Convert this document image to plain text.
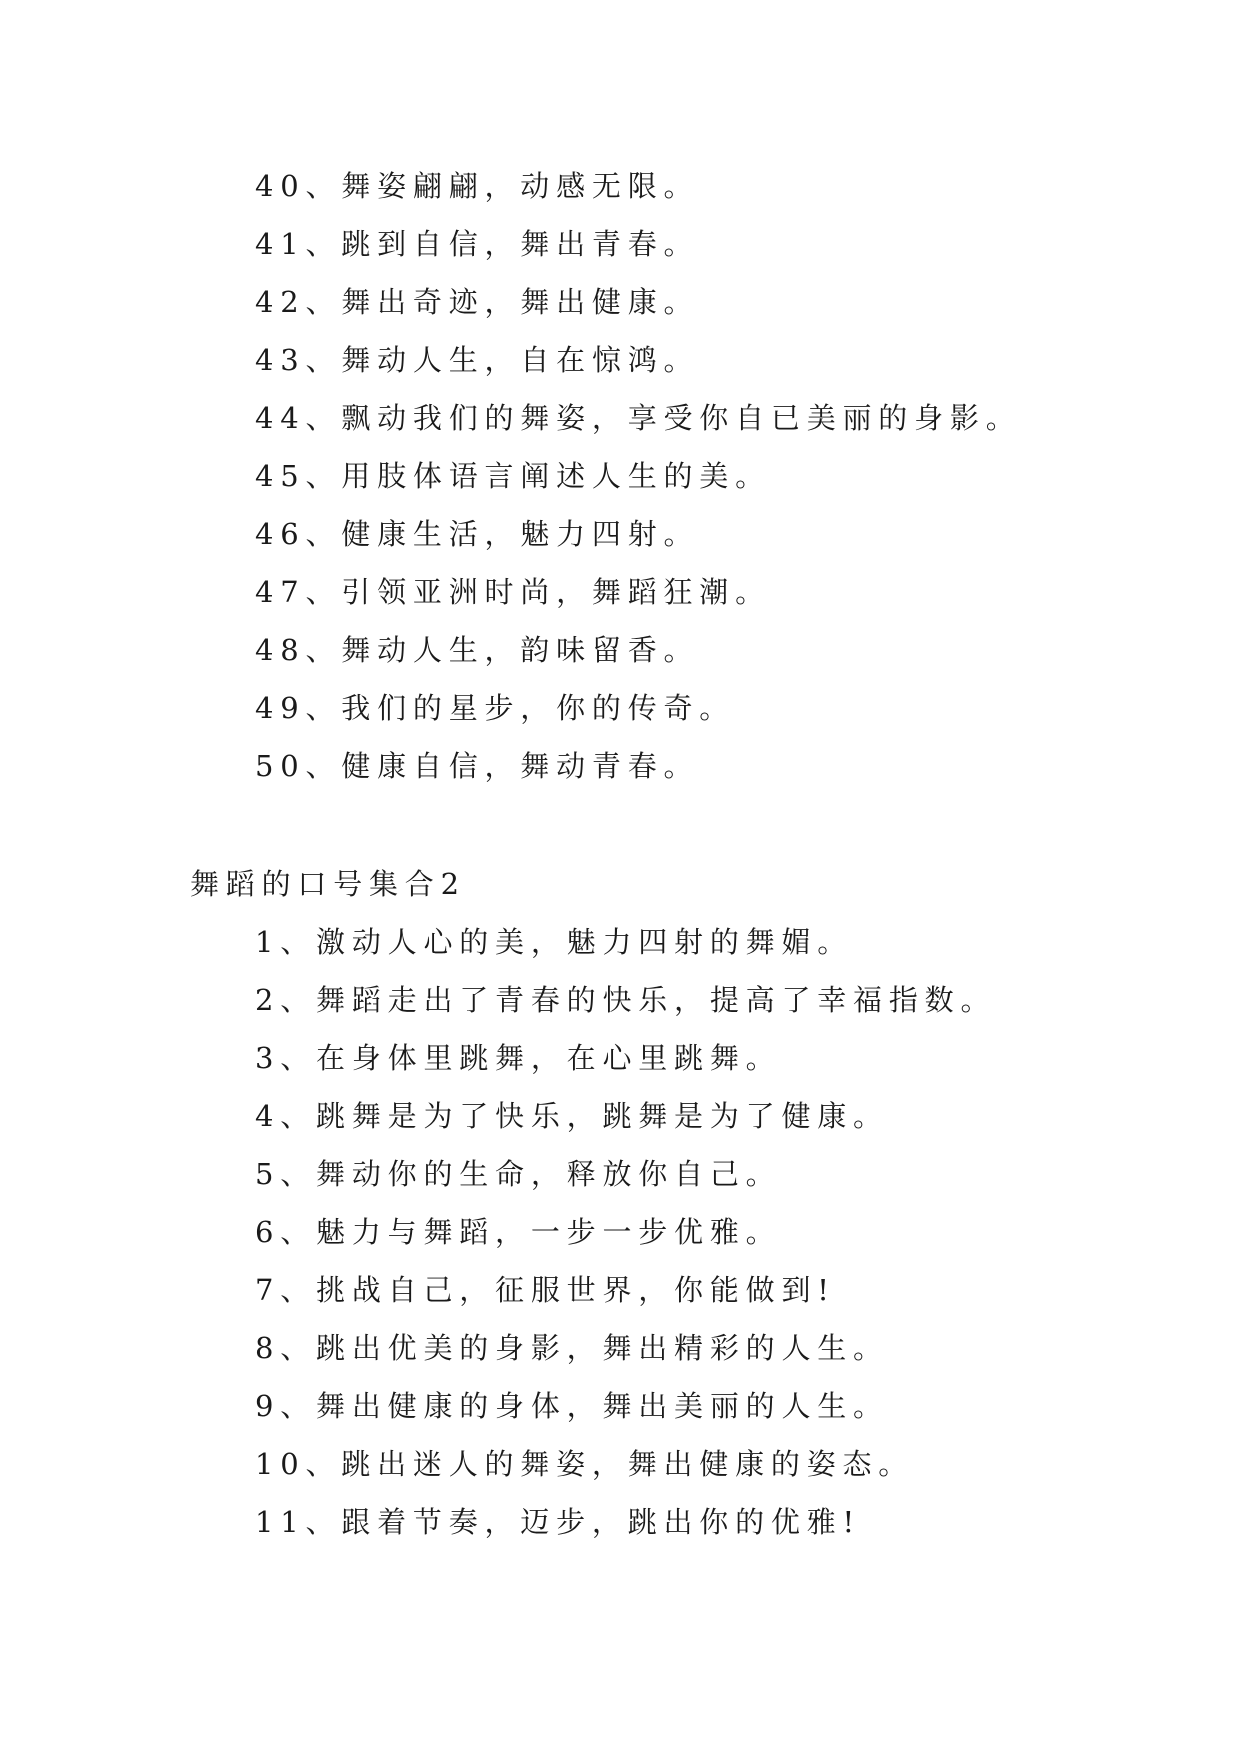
40、舞姿翩翩，动感无限。
41、跳到自信，舞出青春。
42、舞出奇迹，舞出健康。
43、舞动人生，自在惊鸿。
44、飘动我们的舞姿，享受你自已美丽的身影。
45、用肢体语言阐述人生的美。
46、健康生活，魅力四射。
47、引领亚洲时尚，舞蹈狂潮。
48、舞动人生，韵味留香。
49、我们的星步，你的传奇。
50、健康自信，舞动青春。
舞蹈的口号集合2
1、激动人心的美，魅力四射的舞媚。
2、舞蹈走出了青春的快乐，提高了幸福指数。
3、在身体里跳舞，在心里跳舞。
4、跳舞是为了快乐，跳舞是为了健康。
5、舞动你的生命，释放你自己。
6、魅力与舞蹈，一步一步优雅。
7、挑战自己，征服世界，你能做到!
8、跳出优美的身影，舞出精彩的人生。
9、舞出健康的身体，舞出美丽的人生。
10、跳出迷人的舞姿，舞出健康的姿态。
11、跟着节奏，迈步，跳出你的优雅!
